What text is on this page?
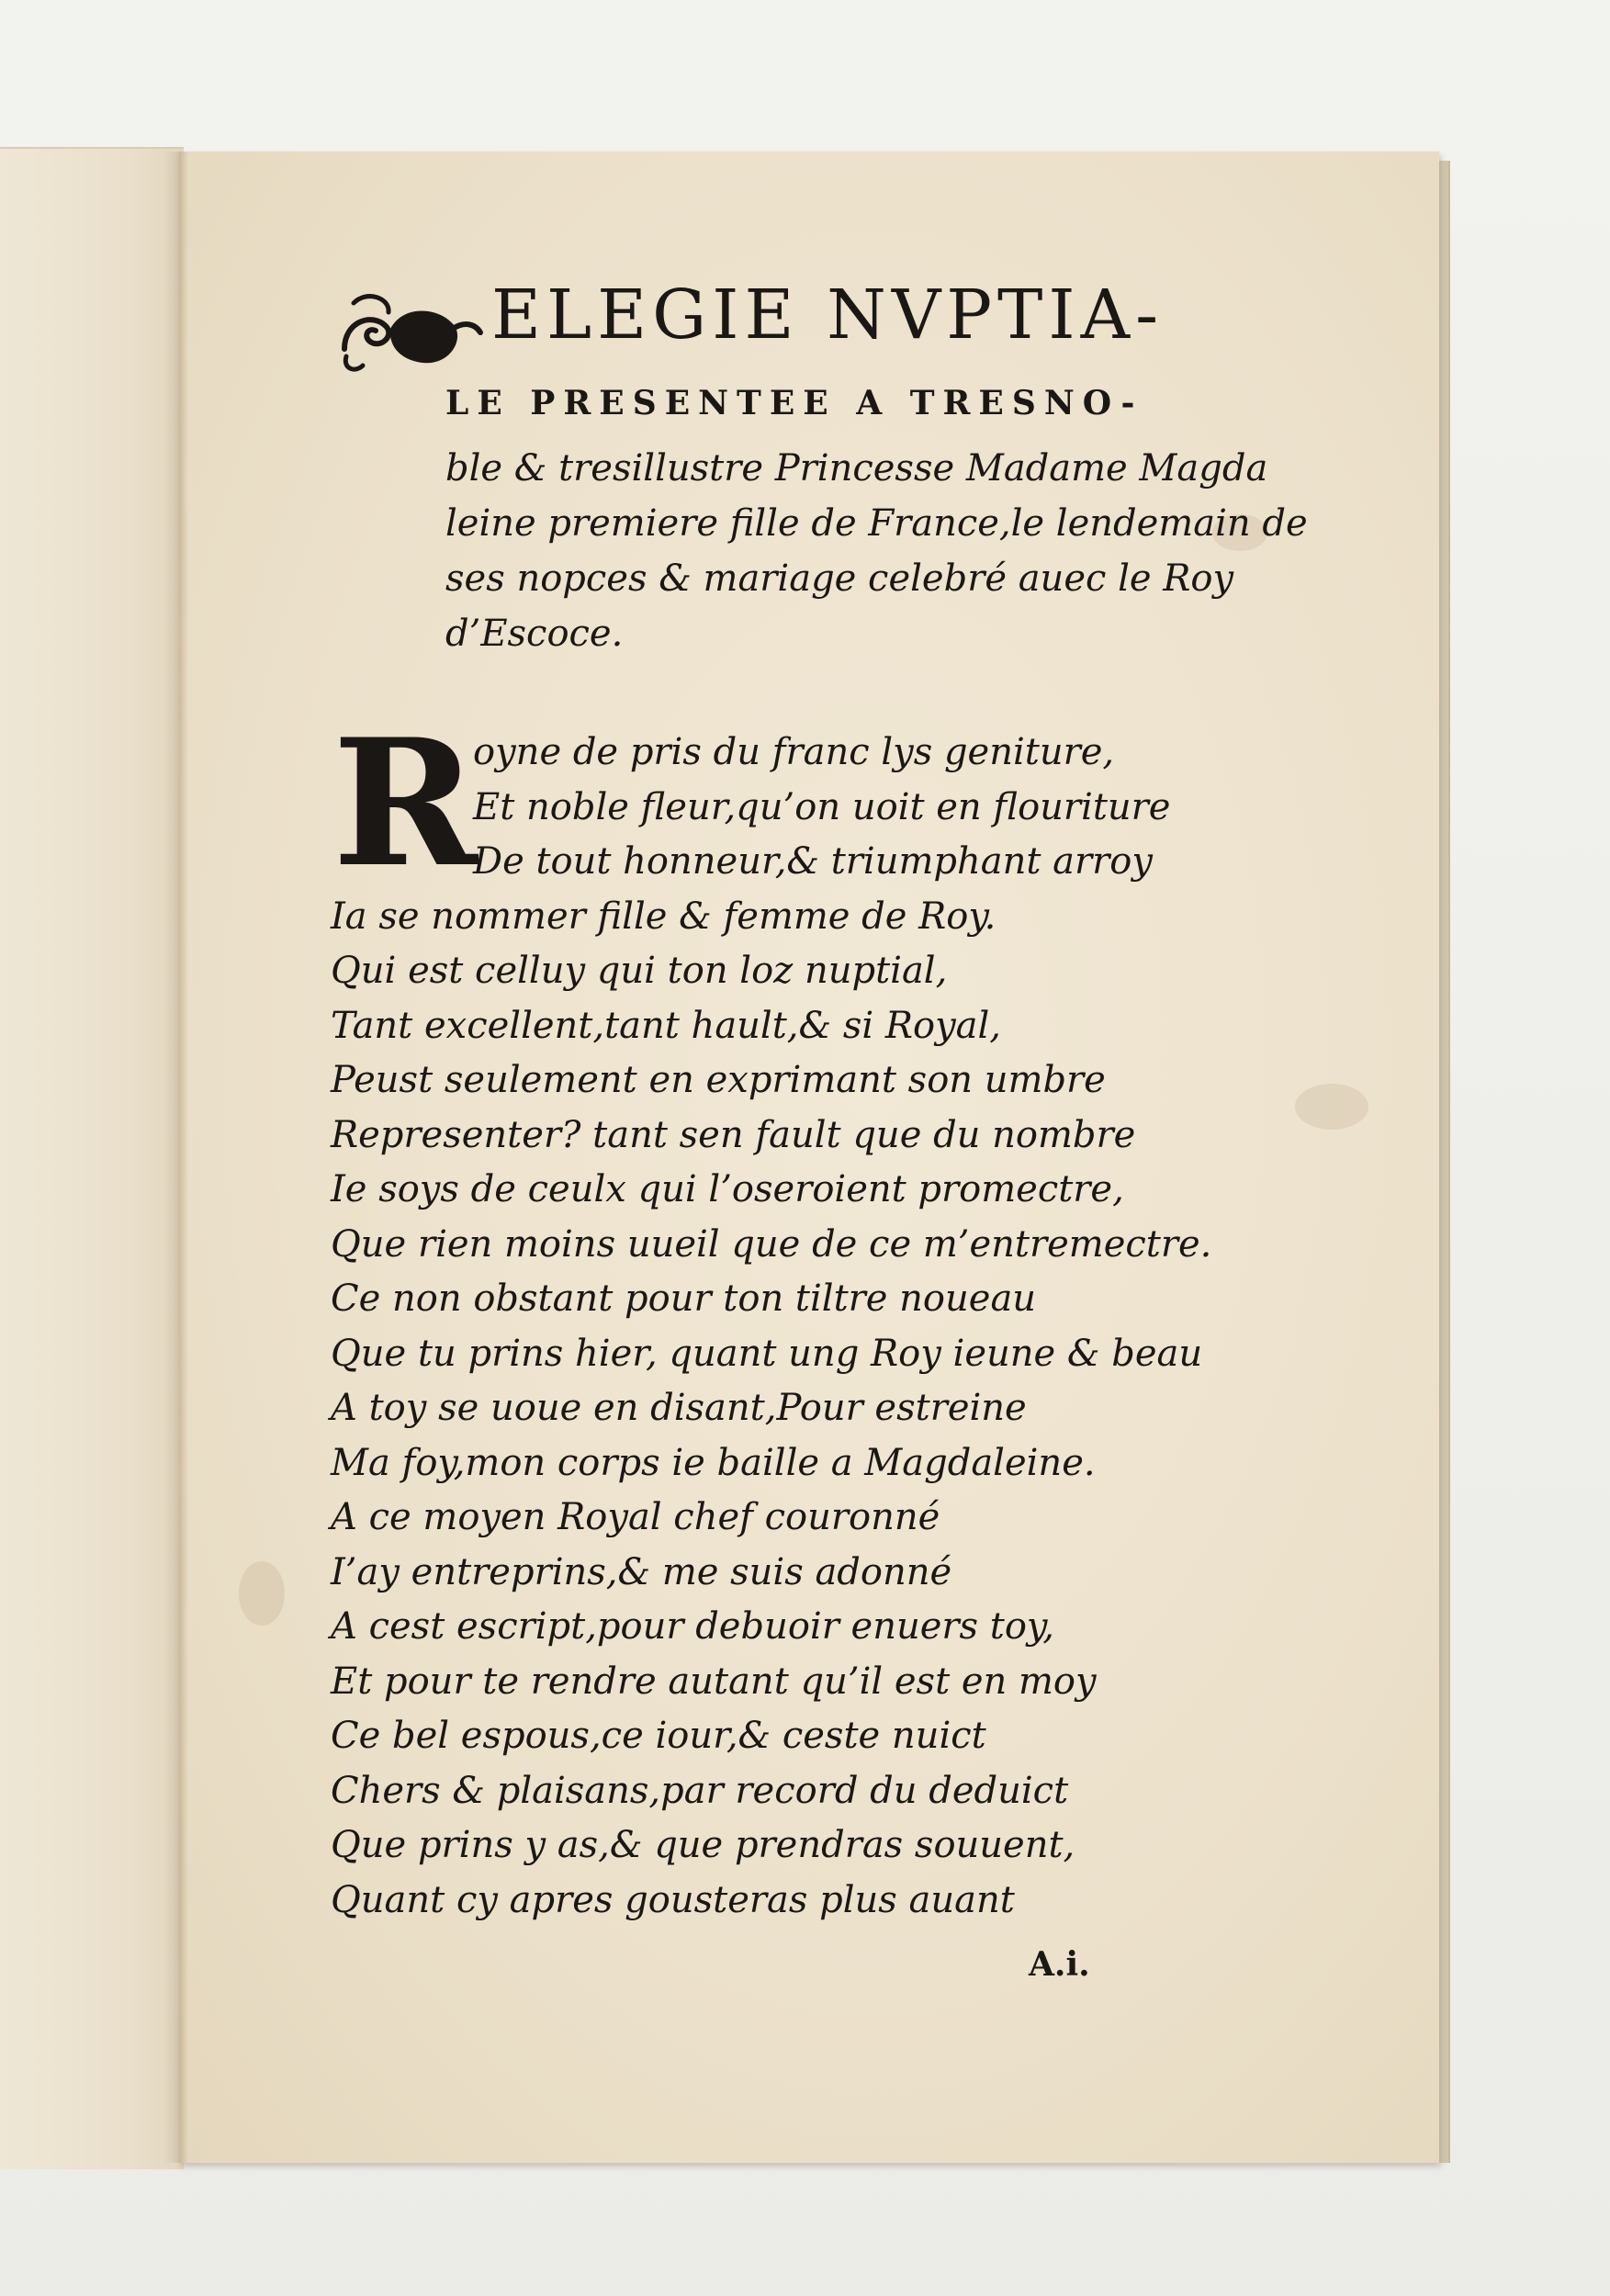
ELEGIE NVPTIA-
LE PRESENTEE A TRESNO-
ble & tresillustre Princesse Madame Magda
leine premiere fille de France,le lendemain de
ses nopces & mariage celebré auec le Roy
d’Escoce.
R
oyne de pris du franc lys geniture,
Et noble fleur,qu’on uoit en flouriture
De tout honneur,& triumphant arroy
Ia se nommer fille & femme de Roy.
Qui est celluy qui ton loz nuptial,
Tant excellent,tant hault,& si Royal,
Peust seulement en exprimant son umbre
Representer? tant sen fault que du nombre
Ie soys de ceulx qui l’oseroient promectre,
Que rien moins uueil que de ce m’entremectre.
Ce non obstant pour ton tiltre noueau
Que tu prins hier, quant ung Roy ieune & beau
A toy se uoue en disant,Pour estreine
Ma foy,mon corps ie baille a Magdaleine.
A ce moyen Royal chef couronné
I’ay entreprins,& me suis adonné
A cest escript,pour debuoir enuers toy,
Et pour te rendre autant qu’il est en moy
Ce bel espous,ce iour,& ceste nuict
Chers & plaisans,par record du deduict
Que prins y as,& que prendras souuent,
Quant cy apres gousteras plus auant
A.i.
